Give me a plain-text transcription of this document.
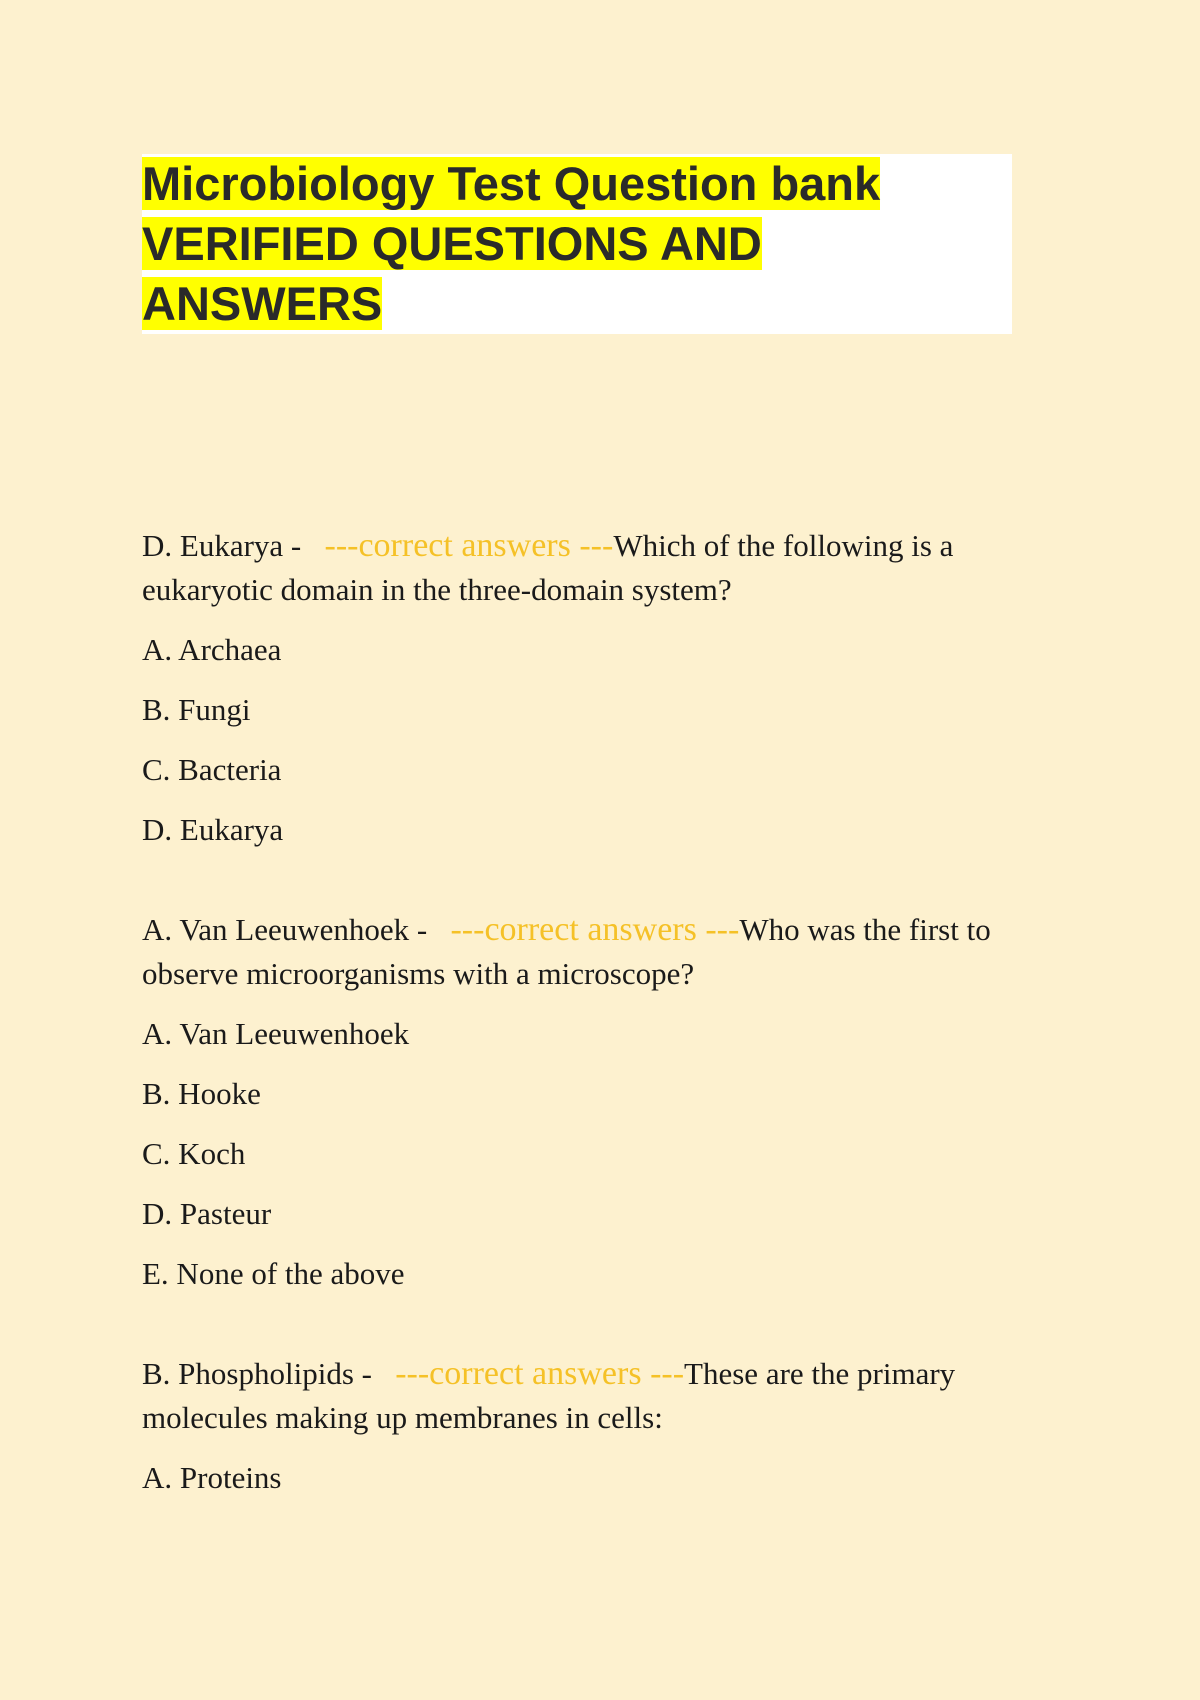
Microbiology Test Question bank
VERIFIED QUESTIONS AND
ANSWERS

D. Eukarya - ---correct answers ---Which of the following is a eukaryotic domain in the three-domain system?

A. Archaea

B. Fungi

C. Bacteria

D. Eukarya

A. Van Leeuwenhoek - ---correct answers ---Who was the first to observe microorganisms with a microscope?

A. Van Leeuwenhoek

B. Hooke

C. Koch

D. Pasteur

E. None of the above

B. Phospholipids - ---correct answers ---These are the primary molecules making up membranes in cells:

A. Proteins
